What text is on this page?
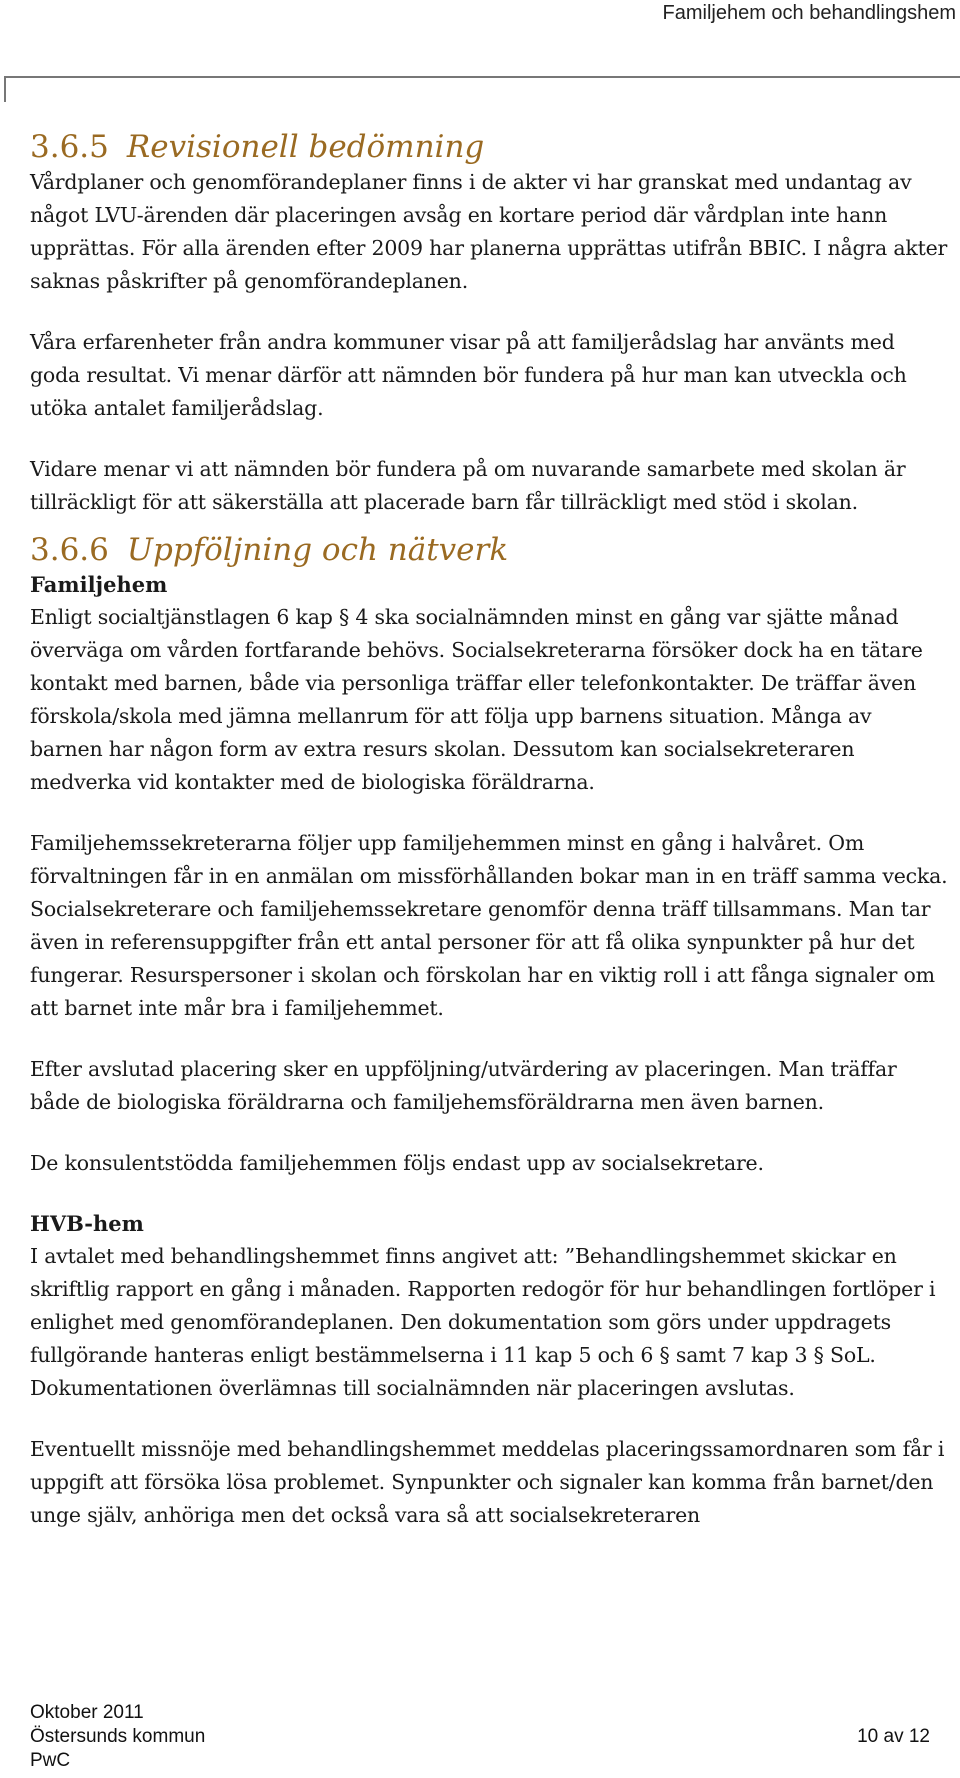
Familjehem och behandlingshem
3.6.5 Revisionell bedömning

Vårdplaner och genomförandeplaner finns i de akter vi har granskat med undantag av något LVU-ärenden där placeringen avsåg en kortare period där vårdplan inte hann upprättas. För alla ärenden efter 2009 har planerna upprättas utifrån BBIC. I några akter saknas påskrifter på genomförandeplanen.

Våra erfarenheter från andra kommuner visar på att familjerådslag har använts med goda resultat. Vi menar därför att nämnden bör fundera på hur man kan utveckla och utöka antalet familjerådslag.

Vidare menar vi att nämnden bör fundera på om nuvarande samarbete med skolan är tillräckligt för att säkerställa att placerade barn får tillräckligt med stöd i skolan.

3.6.6 Uppföljning och nätverk
Familjehem

Enligt socialtjänstlagen 6 kap § 4 ska socialnämnden minst en gång var sjätte månad överväga om vården fortfarande behövs. Socialsekreterarna försöker dock ha en tätare kontakt med barnen, både via personliga träffar eller telefonkontakter. De träffar även förskola/skola med jämna mellanrum för att följa upp barnens situation. Många av barnen har någon form av extra resurs skolan. Dessutom kan socialsekreteraren medverka vid kontakter med de biologiska föräldrarna.

Familjehemssekreterarna följer upp familjehemmen minst en gång i halvåret. Om förvaltningen får in en anmälan om missförhållanden bokar man in en träff samma vecka. Socialsekreterare och familjehemssekretare genomför denna träff tillsammans. Man tar även in referensuppgifter från ett antal personer för att få olika synpunkter på hur det fungerar. Resurspersoner i skolan och förskolan har en viktig roll i att fånga signaler om att barnet inte mår bra i familjehemmet.

Efter avslutad placering sker en uppföljning/utvärdering av placeringen. Man träffar både de biologiska föräldrarna och familjehemsföräldrarna men även barnen.

De konsulentstödda familjehemmen följs endast upp av socialsekretare.

HVB-hem

I avtalet med behandlingshemmet finns angivet att: ”Behandlingshemmet skickar en skriftlig rapport en gång i månaden. Rapporten redogör för hur behandlingen fortlöper i enlighet med genomförandeplanen. Den dokumentation som görs under uppdragets fullgörande hanteras enligt bestämmelserna i 11 kap 5 och 6 § samt 7 kap 3 § SoL. Dokumentationen överlämnas till socialnämnden när placeringen avslutas.

Eventuellt missnöje med behandlingshemmet meddelas placeringssamordnaren som får i uppgift att försöka lösa problemet. Synpunkter och signaler kan komma från barnet/den unge själv, anhöriga men det också vara så att socialsekreteraren

Oktober 2011
Östersunds kommun
PwC
10 av 12
